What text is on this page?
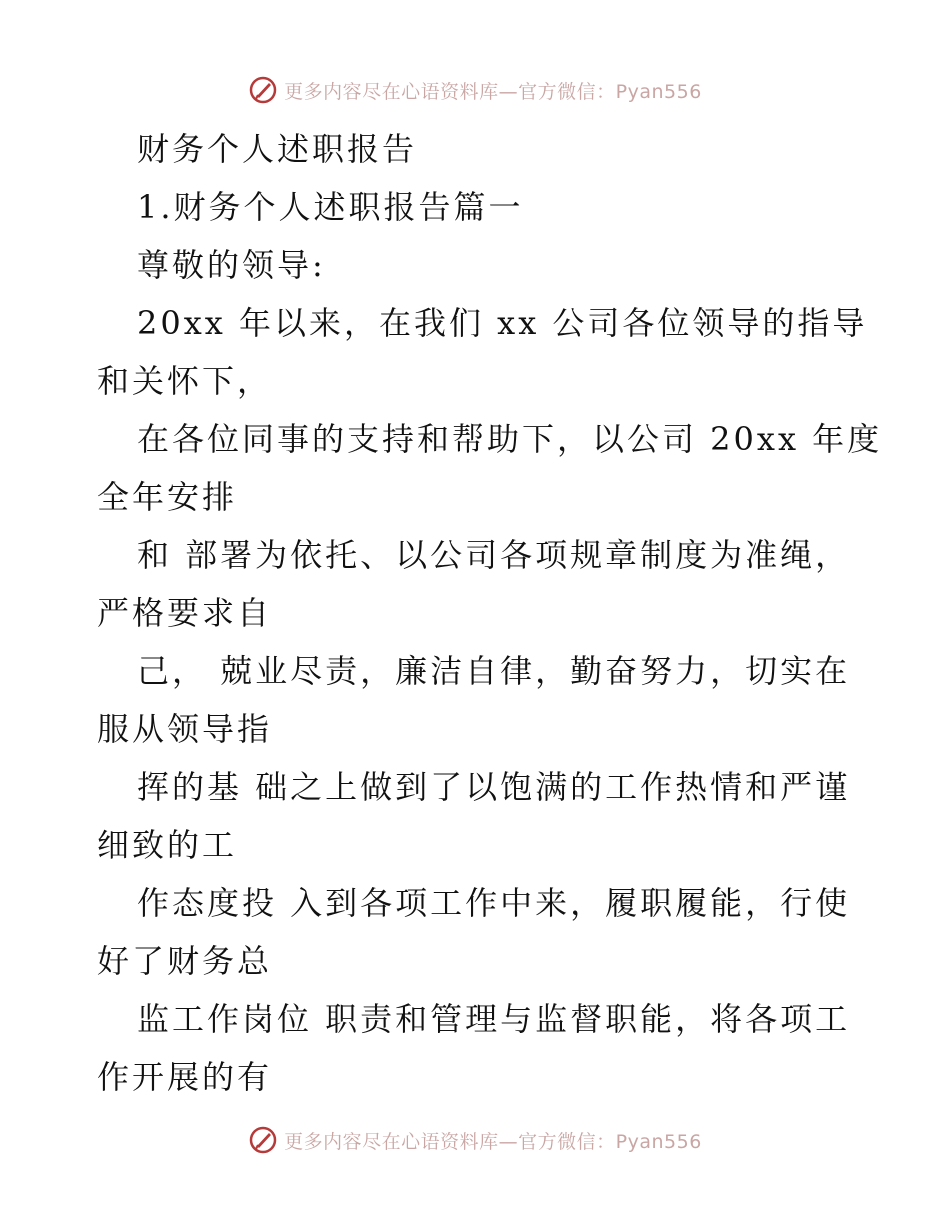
更多内容尽在心语资料库—官方微信：Pyan556
财务个人述职报告
1.财务个人述职报告篇一
尊敬的领导:
20xx 年以来，在我们 xx 公司各位领导的指导
和关怀下，
在各位同事的支持和帮助下，以公司 20xx 年度
全年安排
和 部署为依托、以公司各项规章制度为准绳，
严格要求自
己， 兢业尽责，廉洁自律，勤奋努力，切实在
服从领导指
挥的基 础之上做到了以饱满的工作热情和严谨
细致的工
作态度投 入到各项工作中来，履职履能，行使
好了财务总
监工作岗位 职责和管理与监督职能，将各项工
作开展的有
更多内容尽在心语资料库—官方微信：Pyan556
